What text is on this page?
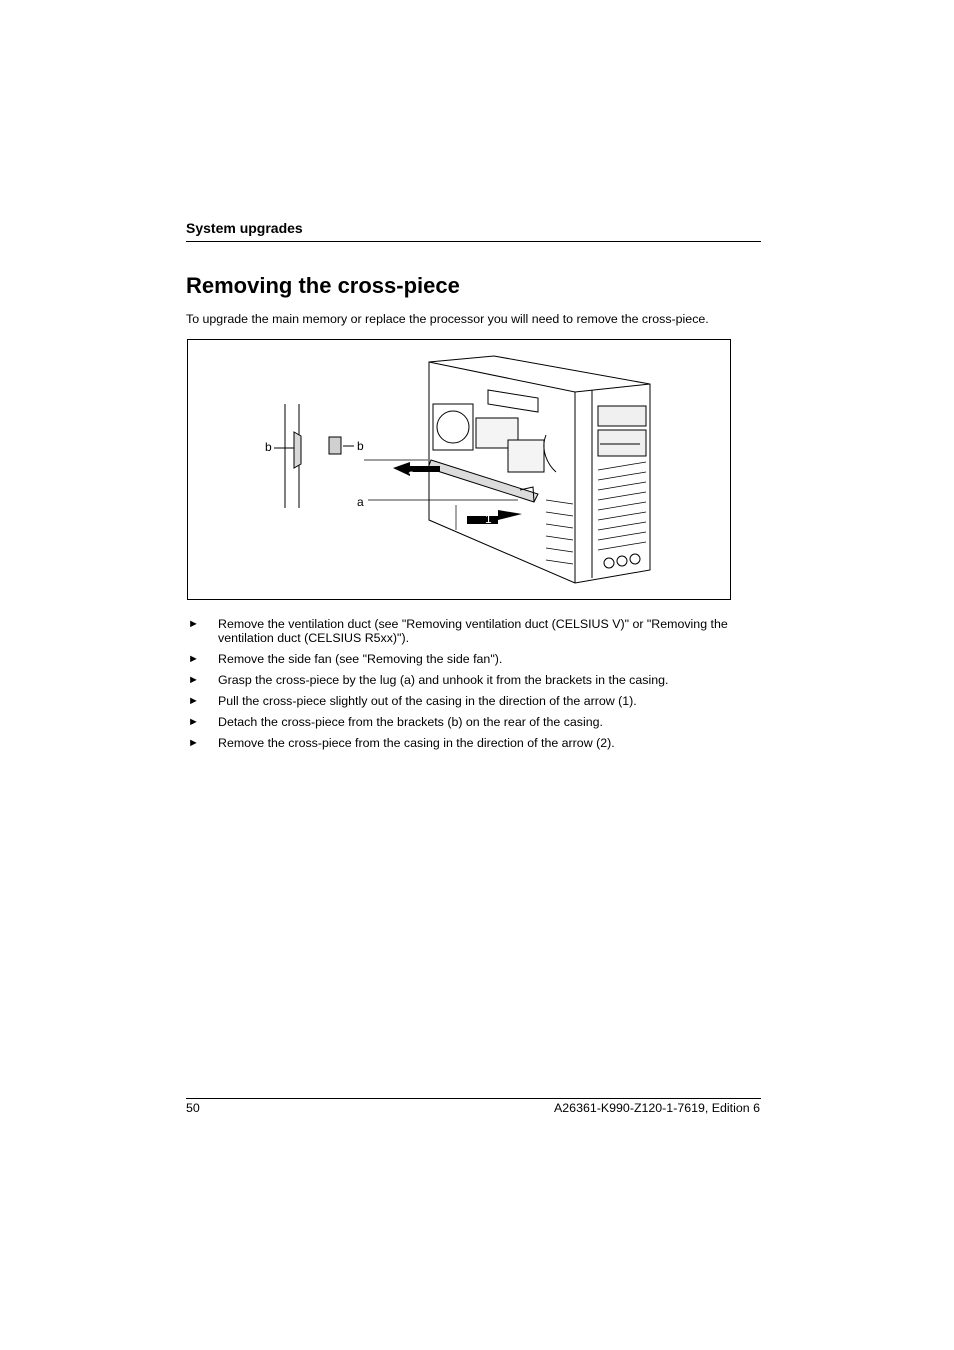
System upgrades
Removing the cross-piece

To upgrade the main memory or replace the processor you will need to remove the cross-piece.

b	b
a
2
1
► Remove the ventilation duct (see "Removing ventilation duct (CELSIUS V)" or "Removing the ventilation duct (CELSIUS R5xx)").
► Remove the side fan (see "Removing the side fan").
► Grasp the cross-piece by the lug (a) and unhook it from the brackets in the casing.
► Pull the cross-piece slightly out of the casing in the direction of the arrow (1).
► Detach the cross-piece from the brackets (b) on the rear of the casing.
► Remove the cross-piece from the casing in the direction of the arrow (2).
50	A26361-K990-Z120-1-7619, Edition 6
